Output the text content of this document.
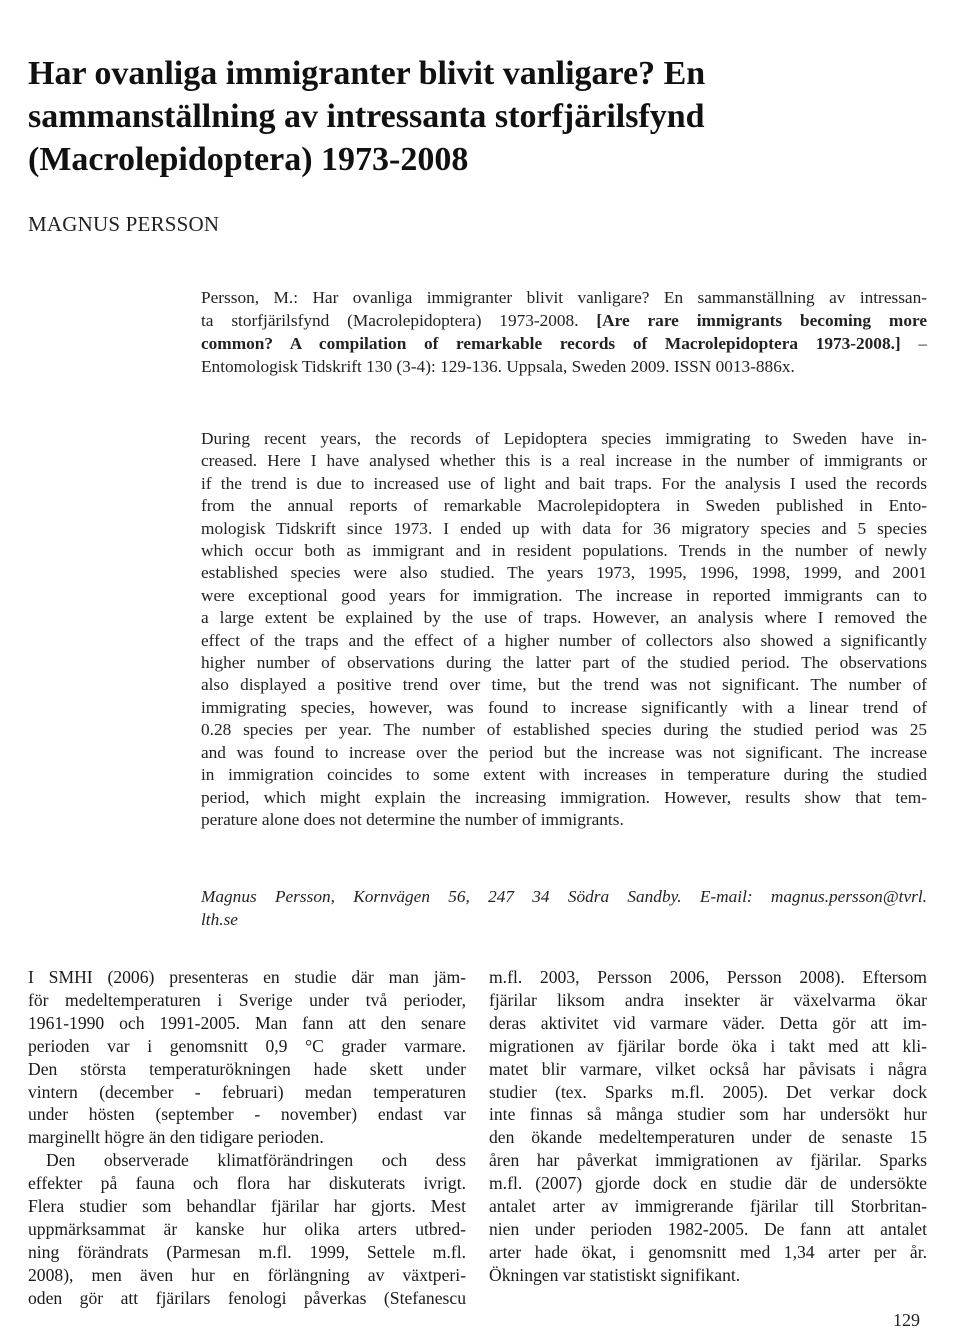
Har ovanliga immigranter blivit vanligare? En
sammanställning av intressanta storfjärilsfynd
(Macrolepidoptera) 1973-2008
MAGNUS PERSSON
Persson, M.: Har ovanliga immigranter blivit vanligare? En sammanställning av intressan-
ta storfjärilsfynd (Macrolepidoptera) 1973-2008. [Are rare immigrants becoming more
common? A compilation of remarkable records of Macrolepidoptera 1973-2008.] –
Entomologisk Tidskrift 130 (3-4): 129-136. Uppsala, Sweden 2009. ISSN 0013-886x.
During recent years, the records of Lepidoptera species immigrating to Sweden have in-
creased. Here I have analysed whether this is a real increase in the number of immigrants or
if the trend is due to increased use of light and bait traps. For the analysis I used the records
from the annual reports of remarkable Macrolepidoptera in Sweden published in Ento-
mologisk Tidskrift since 1973. I ended up with data for 36 migratory species and 5 species
which occur both as immigrant and in resident populations. Trends in the number of newly
established species were also studied. The years 1973, 1995, 1996, 1998, 1999, and 2001
were exceptional good years for immigration. The increase in reported immigrants can to
a large extent be explained by the use of traps. However, an analysis where I removed the
effect of the traps and the effect of a higher number of collectors also showed a significantly
higher number of observations during the latter part of the studied period. The observations
also displayed a positive trend over time, but the trend was not significant. The number of
immigrating species, however, was found to increase significantly with a linear trend of
0.28 species per year. The number of established species during the studied period was 25
and was found to increase over the period but the increase was not significant. The increase
in immigration coincides to some extent with increases in temperature during the studied
period, which might explain the increasing immigration. However, results show that tem-
perature alone does not determine the number of immigrants.
Magnus Persson, Kornvägen 56, 247 34 Södra Sandby. E-mail: magnus.persson@tvrl.
lth.se
I SMHI (2006) presenteras en studie där man jäm-
för medeltemperaturen i Sverige under två perioder,
1961-1990 och 1991-2005. Man fann att den senare
perioden var i genomsnitt 0,9 °C grader varmare.
Den största temperaturökningen hade skett under
vintern (december - februari) medan temperaturen
under hösten (september - november) endast var
marginellt högre än den tidigare perioden.
Den observerade klimatförändringen och dess
effekter på fauna och flora har diskuterats ivrigt.
Flera studier som behandlar fjärilar har gjorts. Mest
uppmärksammat är kanske hur olika arters utbred-
ning förändrats (Parmesan m.fl. 1999, Settele m.fl.
2008), men även hur en förlängning av växtperi-
oden gör att fjärilars fenologi påverkas (Stefanescu
m.fl. 2003, Persson 2006, Persson 2008). Eftersom
fjärilar liksom andra insekter är växelvarma ökar
deras aktivitet vid varmare väder. Detta gör att im-
migrationen av fjärilar borde öka i takt med att kli-
matet blir varmare, vilket också har påvisats i några
studier (tex. Sparks m.fl. 2005). Det verkar dock
inte finnas så många studier som har undersökt hur
den ökande medeltemperaturen under de senaste 15
åren har påverkat immigrationen av fjärilar. Sparks
m.fl. (2007) gjorde dock en studie där de undersökte
antalet arter av immigrerande fjärilar till Storbritan-
nien under perioden 1982-2005. De fann att antalet
arter hade ökat, i genomsnitt med 1,34 arter per år.
Ökningen var statistiskt signifikant.
129
